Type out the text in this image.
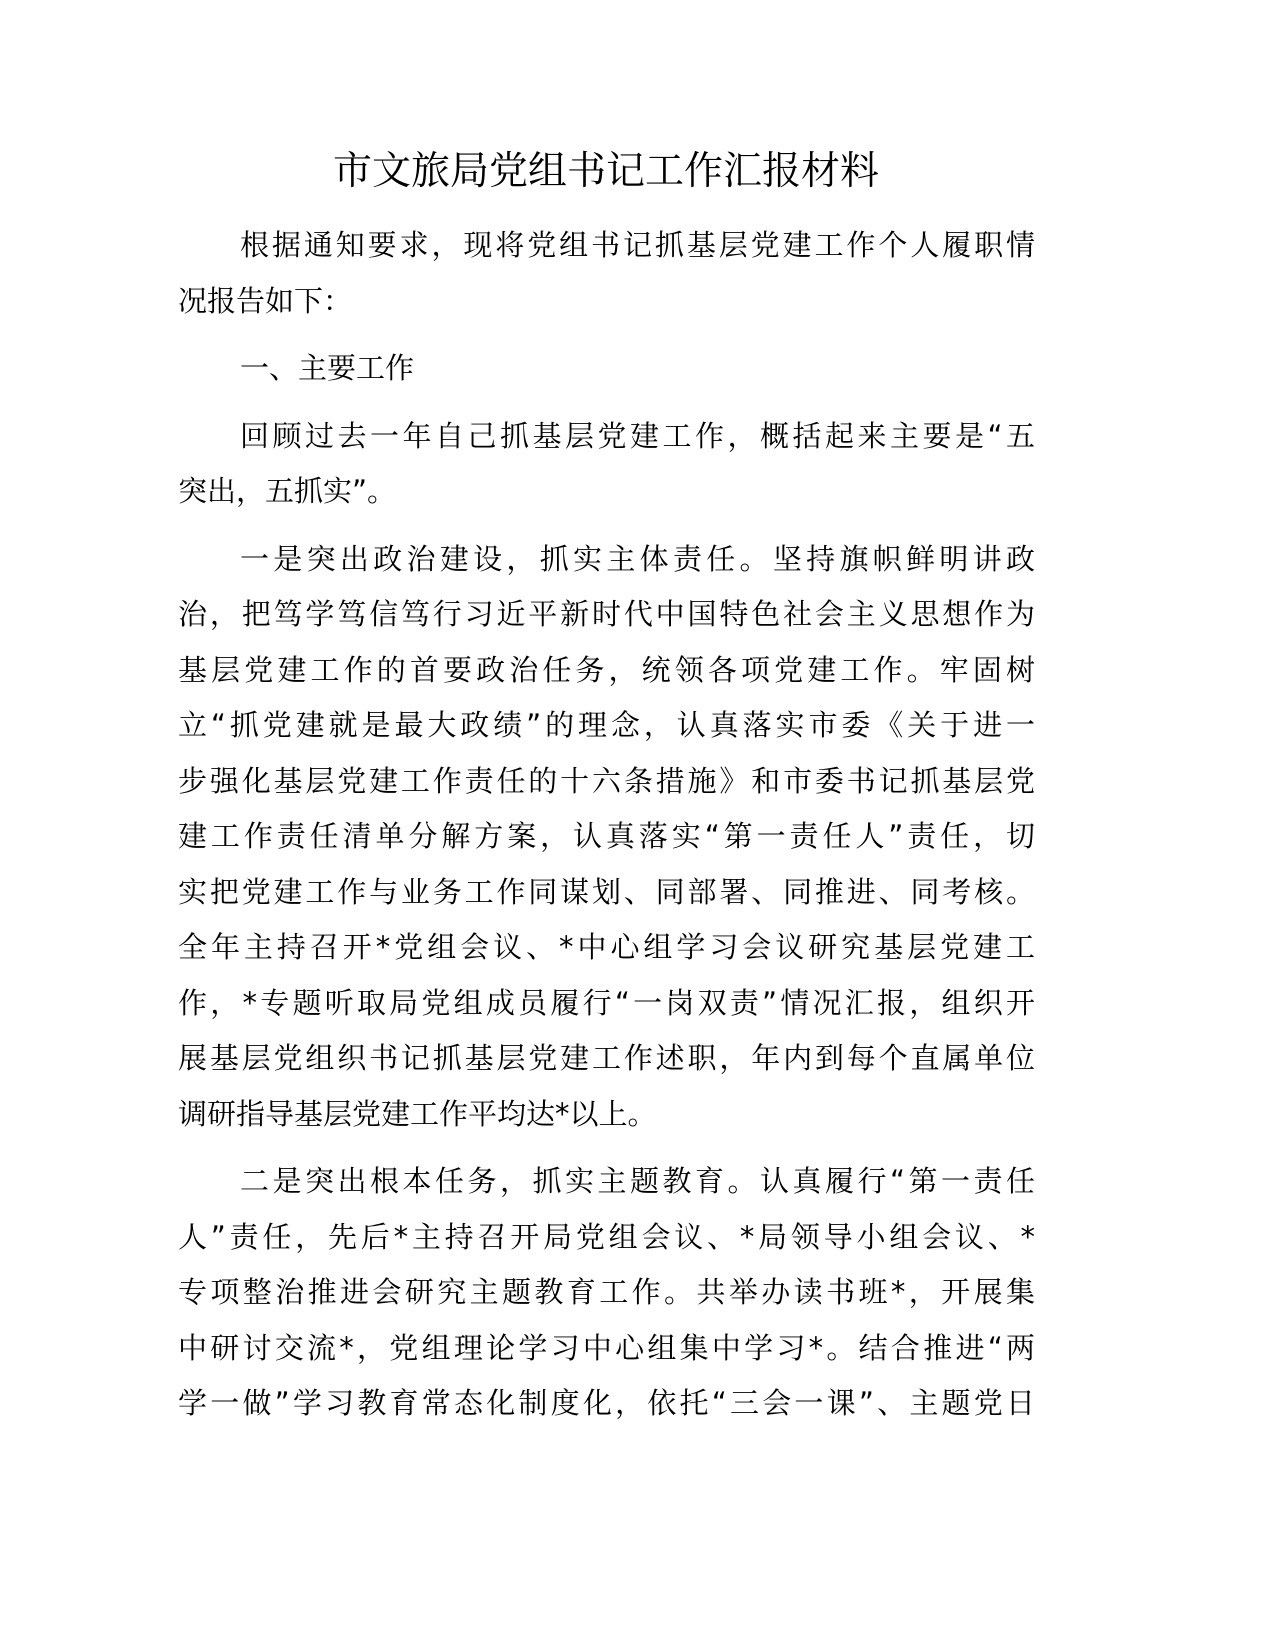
市文旅局党组书记工作汇报材料
根据通知要求，现将党组书记抓基层党建工作个人履职情
况报告如下：
一、主要工作
回顾过去一年自己抓基层党建工作，概括起来主要是“五
突出，五抓实”。
一是突出政治建设，抓实主体责任。坚持旗帜鲜明讲政
治，把笃学笃信笃行习近平新时代中国特色社会主义思想作为
基层党建工作的首要政治任务，统领各项党建工作。牢固树
立“抓党建就是最大政绩”的理念，认真落实市委《关于进一
步强化基层党建工作责任的十六条措施》和市委书记抓基层党
建工作责任清单分解方案，认真落实“第一责任人”责任，切
实把党建工作与业务工作同谋划、同部署、同推进、同考核。
全年主持召开*党组会议、*中心组学习会议研究基层党建工
作，*专题听取局党组成员履行“一岗双责”情况汇报，组织开
展基层党组织书记抓基层党建工作述职，年内到每个直属单位
调研指导基层党建工作平均达*以上。
二是突出根本任务，抓实主题教育。认真履行“第一责任
人”责任，先后*主持召开局党组会议、*局领导小组会议、*
专项整治推进会研究主题教育工作。共举办读书班*，开展集
中研讨交流*，党组理论学习中心组集中学习*。结合推进“两
学一做”学习教育常态化制度化，依托“三会一课”、主题党日
